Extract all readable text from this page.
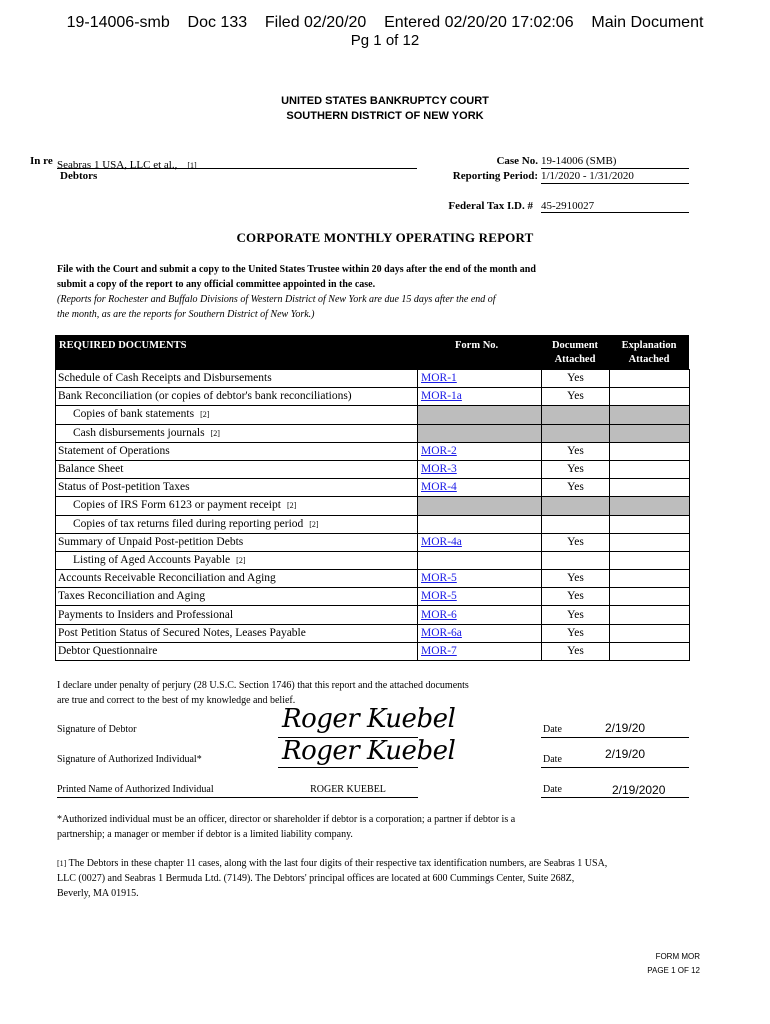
19-14006-smb    Doc 133    Filed 02/20/20    Entered 02/20/20 17:02:06    Main Document
Pg 1 of 12
UNITED STATES BANKRUPTCY COURT
SOUTHERN DISTRICT OF NEW YORK
In re Seabras 1 USA, LLC et al., [1]
Debtors
Case No. 19-14006 (SMB)
Reporting Period: 1/1/2020 - 1/31/2020
Federal Tax I.D. # 45-2910027
CORPORATE MONTHLY OPERATING REPORT
File with the Court and submit a copy to the United States Trustee within 20 days after the end of the month and
submit a copy of the report to any official committee appointed in the case.
(Reports for Rochester and Buffalo Divisions of Western District of New York are due 15 days after the end of
the month, as are the reports for Southern District of New York.)
REQUIRED DOCUMENTS	Form No.	Document
Attached
Explanation
Attached
Schedule of Cash Receipts and Disbursements	MOR-1	Yes	
Bank Reconciliation (or copies of debtor's bank reconciliations)	MOR-1a	Yes	
Copies of bank statements [2]			
Cash disbursements journals [2]			
Statement of Operations	MOR-2	Yes	
Balance Sheet	MOR-3	Yes	
Status of Post-petition Taxes	MOR-4	Yes	
Copies of IRS Form 6123 or payment receipt [2]			
Copies of tax returns filed during reporting period [2]			
Summary of Unpaid Post-petition Debts	MOR-4a	Yes	
Listing of Aged Accounts Payable [2]			
Accounts Receivable Reconciliation and Aging	MOR-5	Yes	
Taxes Reconciliation and Aging	MOR-5	Yes	
Payments to Insiders and Professional	MOR-6	Yes	
Post Petition Status of Secured Notes, Leases Payable	MOR-6a	Yes	
Debtor Questionnaire	MOR-7	Yes	
I declare under penalty of perjury (28 U.S.C. Section 1746) that this report and the attached documents
are true and correct to the best of my knowledge and belief.
Signature of Debtor	Roger Kuebel	Date	2/19/20
Signature of Authorized Individual*	Roger Kuebel	Date	2/19/20
Printed Name of Authorized Individual	ROGER KUEBEL	Date	2/19/2020
*Authorized individual must be an officer, director or shareholder if debtor is a corporation; a partner if debtor is a
partnership; a manager or member if debtor is a limited liability company.
[1] The Debtors in these chapter 11 cases, along with the last four digits of their respective tax identification numbers, are Seabras 1 USA,
LLC (0027) and Seabras 1 Bermuda Ltd. (7149). The Debtors' principal offices are located at 600 Cummings Center, Suite 268Z,
Beverly, MA 01915.
FORM MOR
PAGE 1 OF 12
